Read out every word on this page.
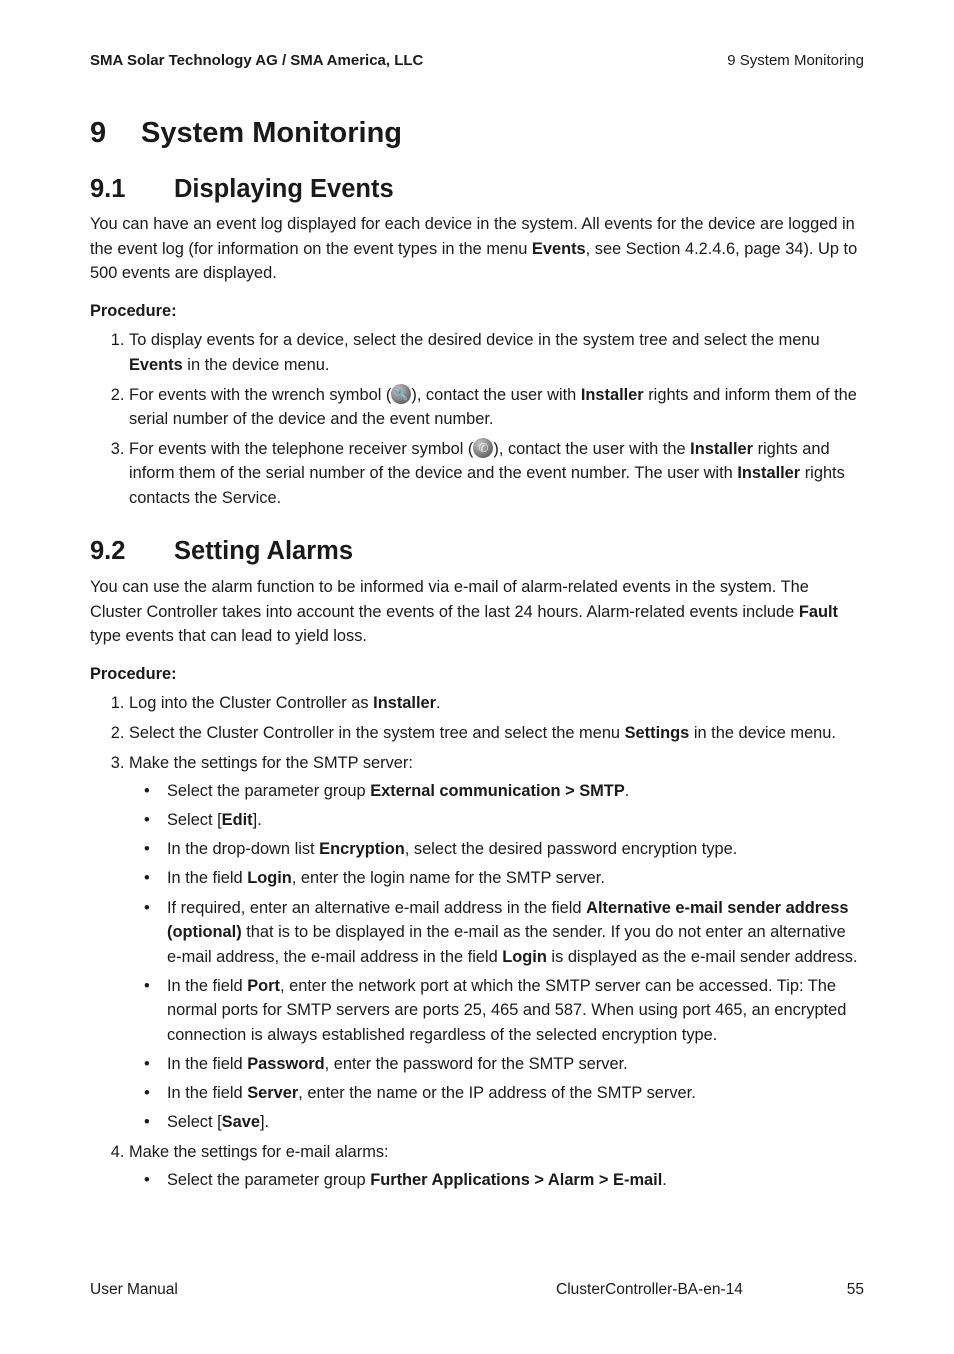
SMA Solar Technology AG / SMA America, LLC	9 System Monitoring
9 System Monitoring
9.1 Displaying Events

You can have an event log displayed for each device in the system. All events for the device are logged in the event log (for information on the event types in the menu Events, see Section 4.2.4.6, page 34). Up to 500 events are displayed.

Procedure:

1. To display events for a device, select the desired device in the system tree and select the menu Events in the device menu.
2. For events with the wrench symbol ( 🔧 ), contact the user with Installer rights and inform them of the serial number of the device and the event number.
3. For events with the telephone receiver symbol ( ✆ ), contact the user with the Installer rights and inform them of the serial number of the device and the event number. The user with Installer rights contacts the Service.
9.2 Setting Alarms

You can use the alarm function to be informed via e-mail of alarm-related events in the system. The Cluster Controller takes into account the events of the last 24 hours. Alarm-related events include Fault type events that can lead to yield loss.

Procedure:

1. Log into the Cluster Controller as Installer.
2. Select the Cluster Controller in the system tree and select the menu Settings in the device menu.
3. Make the settings for the SMTP server:
• Select the parameter group External communication > SMTP.
• Select [Edit].
• In the drop-down list Encryption, select the desired password encryption type.
• In the field Login, enter the login name for the SMTP server.
• If required, enter an alternative e-mail address in the field Alternative e-mail sender address (optional) that is to be displayed in the e-mail as the sender. If you do not enter an alternative e-mail address, the e-mail address in the field Login is displayed as the e-mail sender address.
• In the field Port, enter the network port at which the SMTP server can be accessed. Tip: The normal ports for SMTP servers are ports 25, 465 and 587. When using port 465, an encrypted connection is always established regardless of the selected encryption type.
• In the field Password, enter the password for the SMTP server.
• In the field Server, enter the name or the IP address of the SMTP server.
• Select [Save].
4. Make the settings for e-mail alarms:
• Select the parameter group Further Applications > Alarm > E-mail.
User Manual	ClusterController-BA-en-14	55
